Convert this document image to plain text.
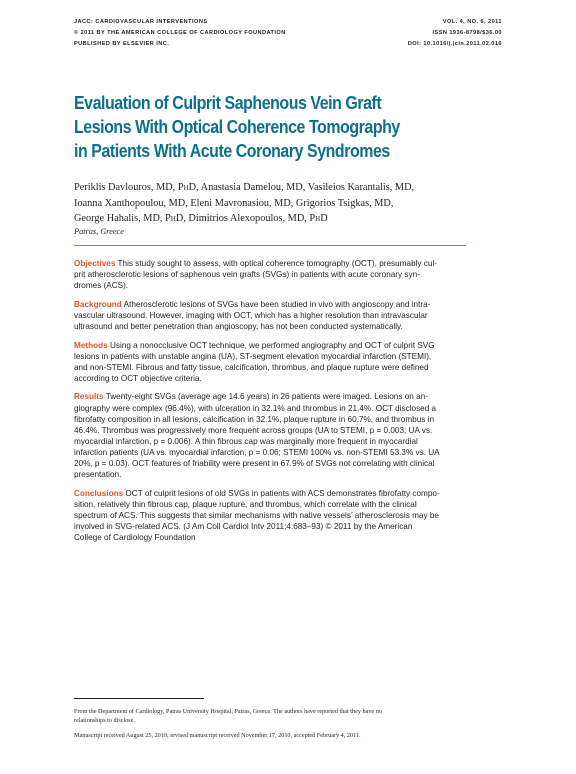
JACC: CARDIOVASCULAR INTERVENTIONS
© 2011 BY THE AMERICAN COLLEGE OF CARDIOLOGY FOUNDATION
PUBLISHED BY ELSEVIER INC.
VOL. 4, NO. 6, 2011
ISSN 1936-8798/$36.00
DOI: 10.1016/j.jcin.2011.02.016
Evaluation of Culprit Saphenous Vein Graft
Lesions With Optical Coherence Tomography
in Patients With Acute Coronary Syndromes
Periklis Davlouros, MD, PhD, Anastasia Damelou, MD, Vasileios Karantalis, MD,
Ioanna Xanthopoulou, MD, Eleni Mavronasiou, MD, Grigorios Tsigkas, MD,
George Hahalis, MD, PhD, Dimitrios Alexopoulos, MD, PhD
Patras, Greece
Objectives This study sought to assess, with optical coherence tomography (OCT), presumably cul-
prit atherosclerotic lesions of saphenous vein grafts (SVGs) in patients with acute coronary syn-
dromes (ACS).
Background Atherosclerotic lesions of SVGs have been studied in vivo with angioscopy and intra-
vascular ultrasound. However, imaging with OCT, which has a higher resolution than intravascular
ultrasound and better penetration than angioscopy, has not been conducted systematically.
Methods Using a nonocclusive OCT technique, we performed angiography and OCT of culprit SVG
lesions in patients with unstable angina (UA), ST-segment elevation myocardial infarction (STEMI),
and non-STEMI. Fibrous and fatty tissue, calcification, thrombus, and plaque rupture were defined
according to OCT objective criteria.
Results Twenty-eight SVGs (average age 14.6 years) in 26 patients were imaged. Lesions on an-
giography were complex (96.4%), with ulceration in 32.1% and thrombus in 21.4%. OCT disclosed a
fibrofatty composition in all lesions, calcification in 32.1%, plaque rupture in 60.7%, and thrombus in
46.4%. Thrombus was progressively more frequent across groups (UA to STEMI, p = 0.003; UA vs.
myocardial infarction, p = 0.006). A thin fibrous cap was marginally more frequent in myocardial
infarction patients (UA vs. myocardial infarction, p = 0.06; STEMI 100% vs. non-STEMI 53.3% vs. UA
20%, p = 0.03). OCT features of friability were present in 67.9% of SVGs not correlating with clinical
presentation.
Conclusions OCT of culprit lesions of old SVGs in patients with ACS demonstrates fibrofatty compo-
sition, relatively thin fibrous cap, plaque rupture, and thrombus, which correlate with the clinical
spectrum of ACS. This suggests that similar mechanisms with native vessels’ atherosclerosis may be
involved in SVG-related ACS. (J Am Coll Cardiol Intv 2011;4:683–93) © 2011 by the American
College of Cardiology Foundation
From the Department of Cardiology, Patras University Hospital, Patras, Greece. The authors have reported that they have no
relationships to disclose.
Manuscript received August 25, 2010; revised manuscript received November 17, 2010, accepted February 4, 2011.
